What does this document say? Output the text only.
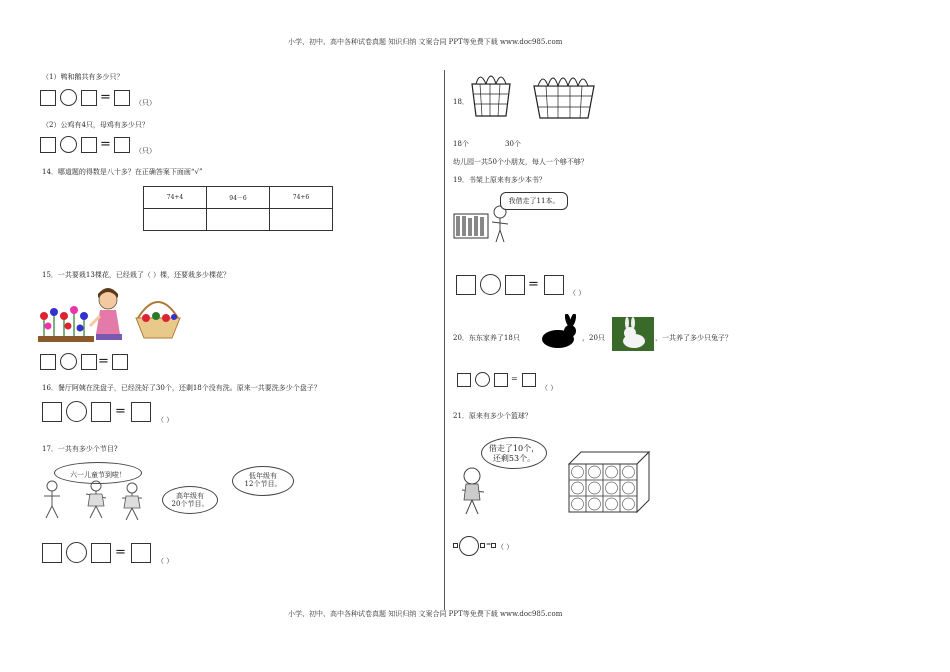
小学、初中、高中各种试卷真题 知识归纳 文案合同 PPT等免费下载 www.doc985.com
（1）鸭和鹅共有多少只？
=	（只）
（2）公鸡有4只，母鸡有多少只？
=	（只）
14．哪道题的得数是八十多？在正确答案下面画“√”
74+4	94－6	74+6

15．一共要栽13棵花，已经栽了（ ）棵，还要栽多少棵花？
=
16．餐厅阿姨在洗盘子，已经洗好了30个，还剩18个没有洗。原来一共要洗多少个盘子？
=
（ ）
17．一共有多少个节目?
六一儿童节到啦！	低年级有
12个节目。
高年级有
20个节目。
=
（ ）
18．
18个	30个
幼儿园一共50个小朋友，每人一个够不够？
19．书架上原来有多少本书？
我借走了11本。
=
（ ）
20．东东家养了18只	，20只	，一共养了多少只兔子？
=
（ ）
21．原来有多少个篮球？
借走了10个，
还剩53个。
= （ ）
小学、初中、高中各种试卷真题 知识归纳 文案合同 PPT等免费下载 www.doc985.com
